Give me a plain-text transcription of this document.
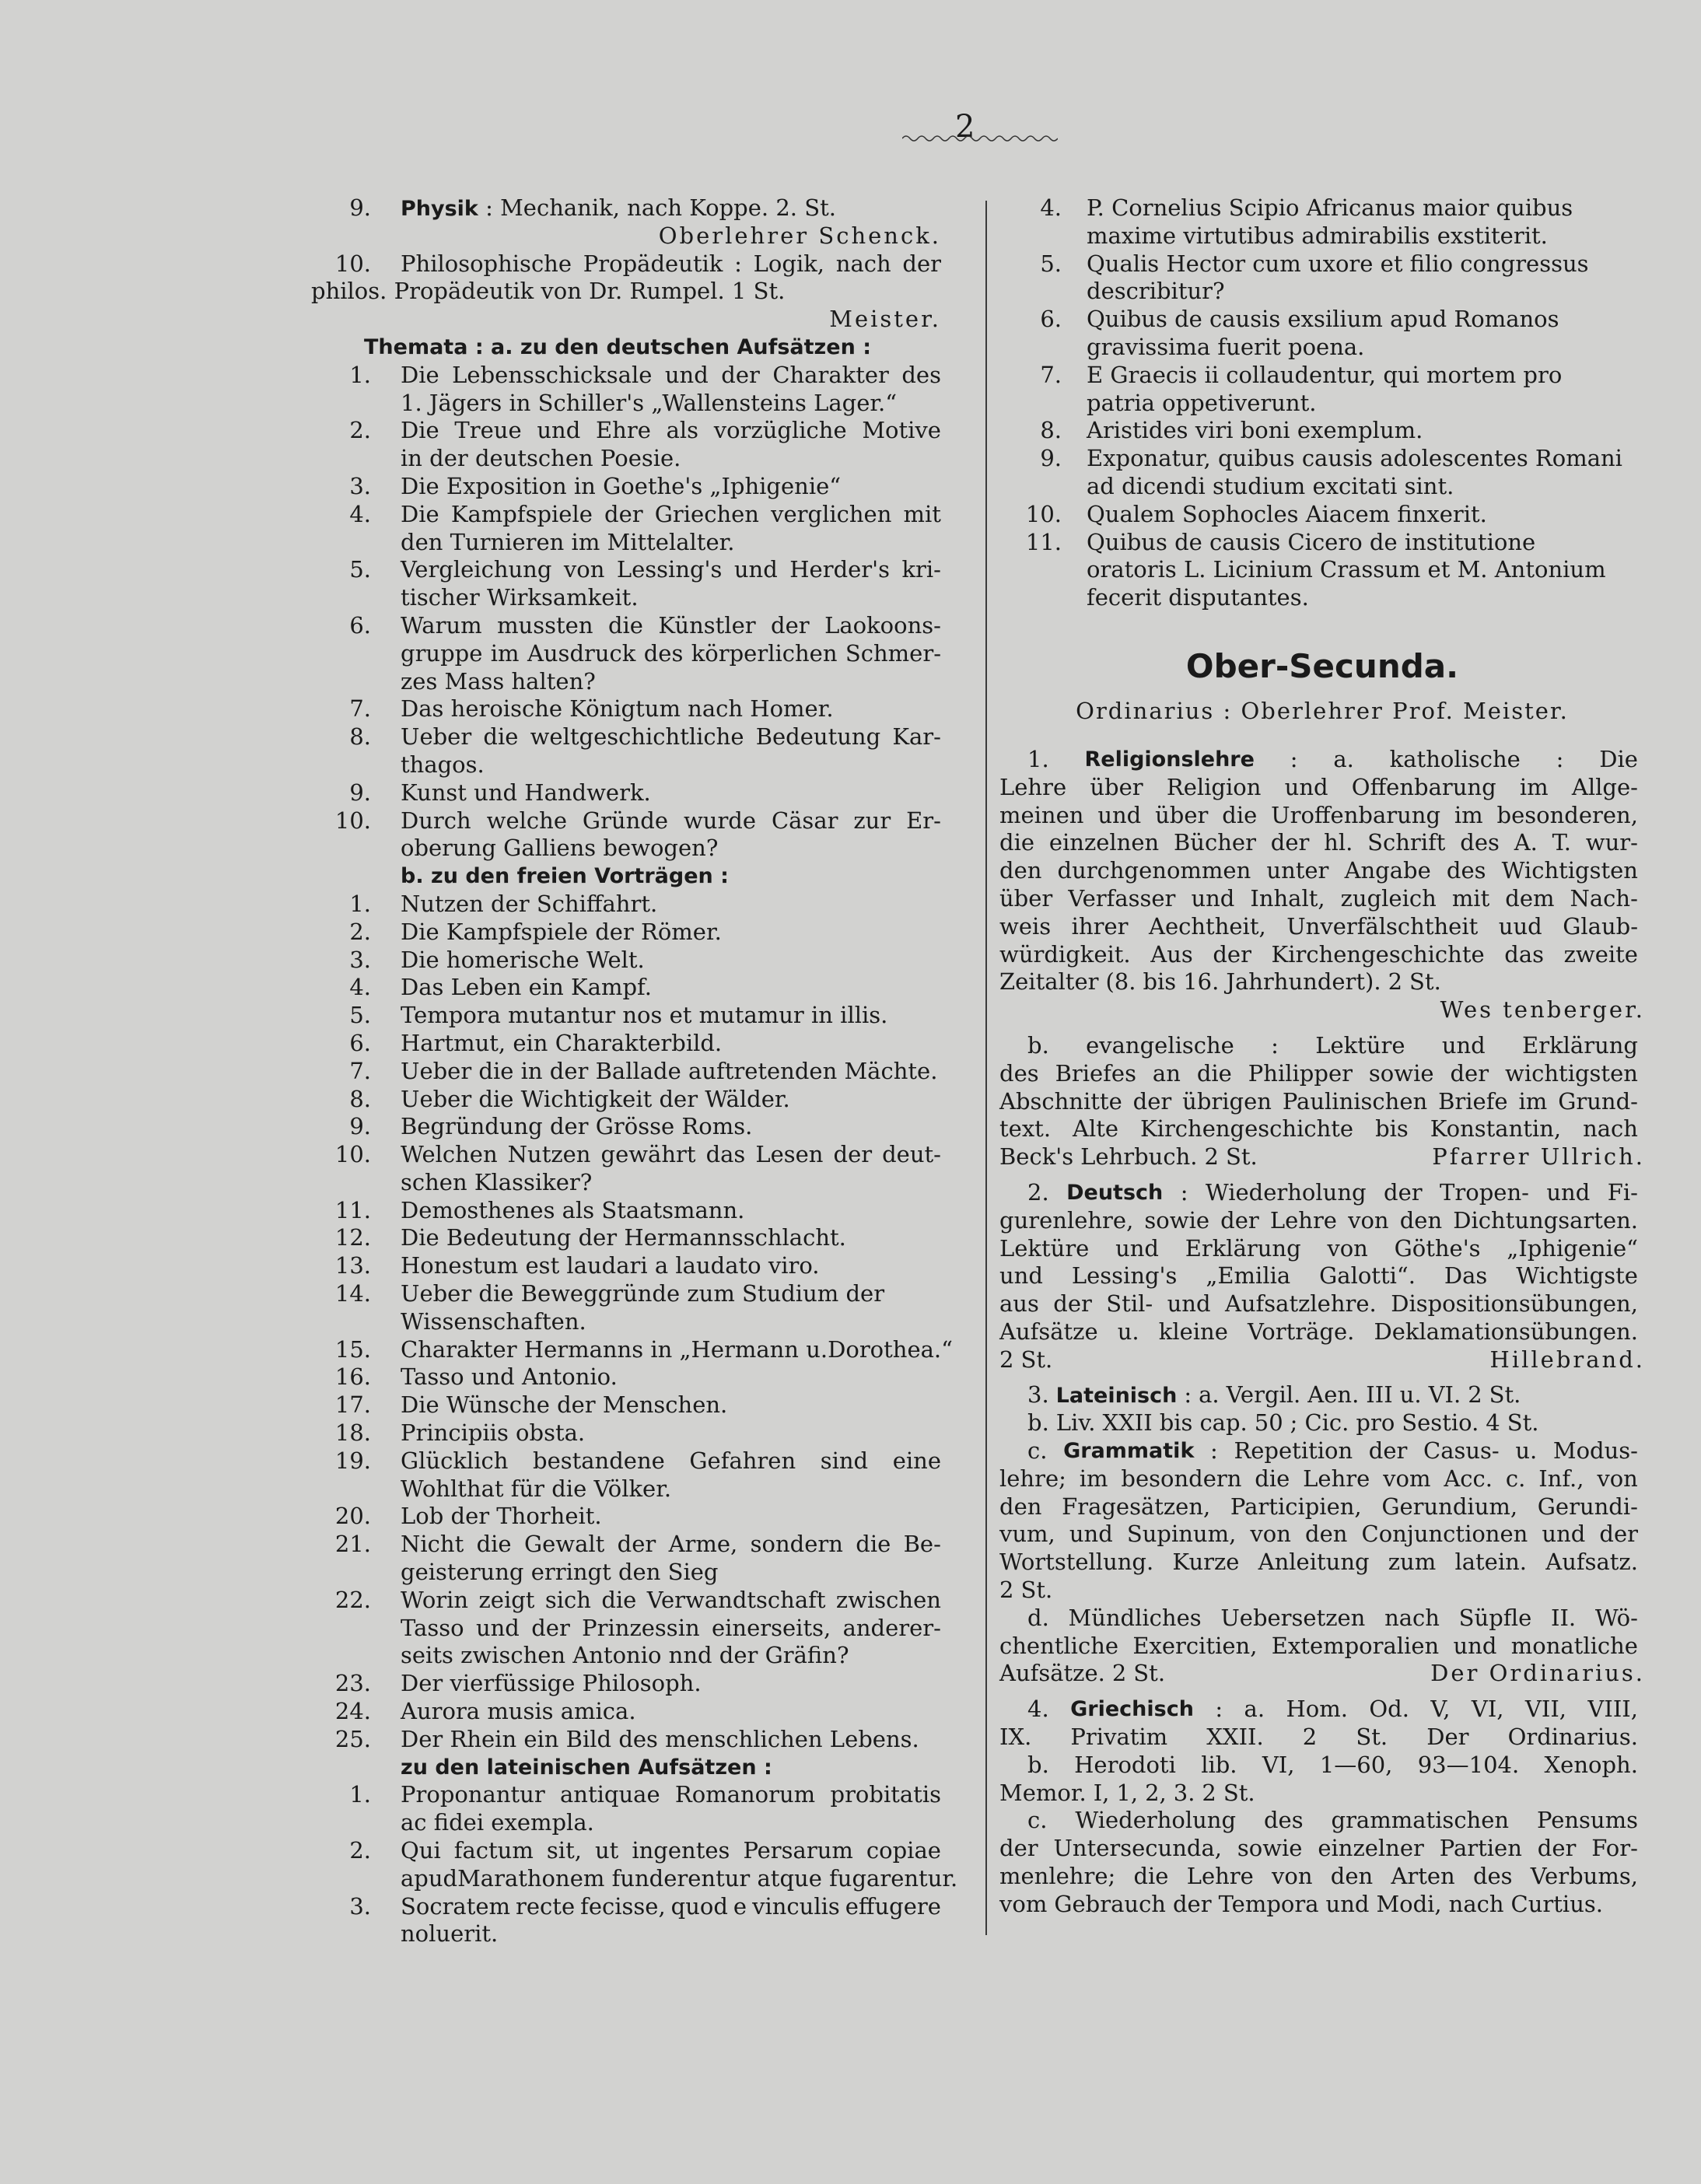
2
9. Physik : Mechanik, nach Koppe. 2. St.
Oberlehrer Schenck.
10. Philosophische Propädeutik : Logik, nach der
philos. Propädeutik von Dr. Rumpel. 1 St.
Meister.
Themata : a. zu den deutschen Aufsätzen :
1. Die Lebensschicksale und der Charakter des
1. Jägers in Schiller's „Wallensteins Lager.“
2. Die Treue und Ehre als vorzügliche Motive
in der deutschen Poesie.
3. Die Exposition in Goethe's „Iphigenie“
4. Die Kampfspiele der Griechen verglichen mit
den Turnieren im Mittelalter.
5. Vergleichung von Lessing's und Herder's kri-
tischer Wirksamkeit.
6. Warum mussten die Künstler der Laokoons-
gruppe im Ausdruck des körperlichen Schmer-
zes Mass halten?
7. Das heroische Königtum nach Homer.
8. Ueber die weltgeschichtliche Bedeutung Kar-
thagos.
9. Kunst und Handwerk.
10. Durch welche Gründe wurde Cäsar zur Er-
oberung Galliens bewogen?
b. zu den freien Vorträgen :
1. Nutzen der Schiffahrt.
2. Die Kampfspiele der Römer.
3. Die homerische Welt.
4. Das Leben ein Kampf.
5. Tempora mutantur nos et mutamur in illis.
6. Hartmut, ein Charakterbild.
7. Ueber die in der Ballade auftretenden Mächte.
8. Ueber die Wichtigkeit der Wälder.
9. Begründung der Grösse Roms.
10. Welchen Nutzen gewährt das Lesen der deut-
schen Klassiker?
11. Demosthenes als Staatsmann.
12. Die Bedeutung der Hermannsschlacht.
13. Honestum est laudari a laudato viro.
14. Ueber die Beweggründe zum Studium der
Wissenschaften.
15. Charakter Hermanns in „Hermann u.Dorothea.“
16. Tasso und Antonio.
17. Die Wünsche der Menschen.
18. Principiis obsta.
19. Glücklich bestandene Gefahren sind eine
Wohlthat für die Völker.
20. Lob der Thorheit.
21. Nicht die Gewalt der Arme, sondern die Be-
geisterung erringt den Sieg
22. Worin zeigt sich die Verwandtschaft zwischen
Tasso und der Prinzessin einerseits, anderer-
seits zwischen Antonio nnd der Gräfin?
23. Der vierfüssige Philosoph.
24. Aurora musis amica.
25. Der Rhein ein Bild des menschlichen Lebens.
zu den lateinischen Aufsätzen :
1. Proponantur antiquae Romanorum probitatis
ac fidei exempla.
2. Qui factum sit, ut ingentes Persarum copiae
apudMarathonem funderentur atque fugarentur.
3. Socratem recte fecisse, quod e vinculis effugere
noluerit.
4. P. Cornelius Scipio Africanus maior quibus
maxime virtutibus admirabilis exstiterit.
5. Qualis Hector cum uxore et filio congressus
describitur?
6. Quibus de causis exsilium apud Romanos
gravissima fuerit poena.
7. E Graecis ii collaudentur, qui mortem pro
patria oppetiverunt.
8. Aristides viri boni exemplum.
9. Exponatur, quibus causis adolescentes Romani
ad dicendi studium excitati sint.
10. Qualem Sophocles Aiacem finxerit.
11. Quibus de causis Cicero de institutione
oratoris L. Licinium Crassum et M. Antonium
fecerit disputantes.
Ober-Secunda.
Ordinarius : Oberlehrer Prof. Meister.
1. Religionslehre : a. katholische : Die
Lehre über Religion und Offenbarung im Allge-
meinen und über die Uroffenbarung im besonderen,
die einzelnen Bücher der hl. Schrift des A. T. wur-
den durchgenommen unter Angabe des Wichtigsten
über Verfasser und Inhalt, zugleich mit dem Nach-
weis ihrer Aechtheit, Unverfälschtheit uud Glaub-
würdigkeit. Aus der Kirchengeschichte das zweite
Zeitalter (8. bis 16. Jahrhundert). 2 St.
Wes tenberger.
b. evangelische : Lektüre und Erklärung
des Briefes an die Philipper sowie der wichtigsten
Abschnitte der übrigen Paulinischen Briefe im Grund-
text. Alte Kirchengeschichte bis Konstantin, nach
Beck's Lehrbuch. 2 St.	Pfarrer Ullrich.
2. Deutsch : Wiederholung der Tropen- und Fi-
gurenlehre, sowie der Lehre von den Dichtungsarten.
Lektüre und Erklärung von Göthe's „Iphigenie“
und Lessing's „Emilia Galotti“. Das Wichtigste
aus der Stil- und Aufsatzlehre. Dispositionsübungen,
Aufsätze u. kleine Vorträge. Deklamationsübungen.
2 St.	Hillebrand.
3. Lateinisch : a. Vergil. Aen. III u. VI. 2 St.
b. Liv. XXII bis cap. 50 ; Cic. pro Sestio. 4 St.
c. Grammatik : Repetition der Casus- u. Modus-
lehre; im besondern die Lehre vom Acc. c. Inf., von
den Fragesätzen, Participien, Gerundium, Gerundi-
vum, und Supinum, von den Conjunctionen und der
Wortstellung. Kurze Anleitung zum latein. Aufsatz.
2 St.
d. Mündliches Uebersetzen nach Süpfle II. Wö-
chentliche Exercitien, Extemporalien und monatliche
Aufsätze. 2 St.	Der Ordinarius.
4. Griechisch : a. Hom. Od. V, VI, VII, VIII,
IX. Privatim XXII. 2 St. Der Ordinarius.
b. Herodoti lib. VI, 1—60, 93—104. Xenoph.
Memor. I, 1, 2, 3. 2 St.
c. Wiederholung des grammatischen Pensums
der Untersecunda, sowie einzelner Partien der For-
menlehre; die Lehre von den Arten des Verbums,
vom Gebrauch der Tempora und Modi, nach Curtius.
